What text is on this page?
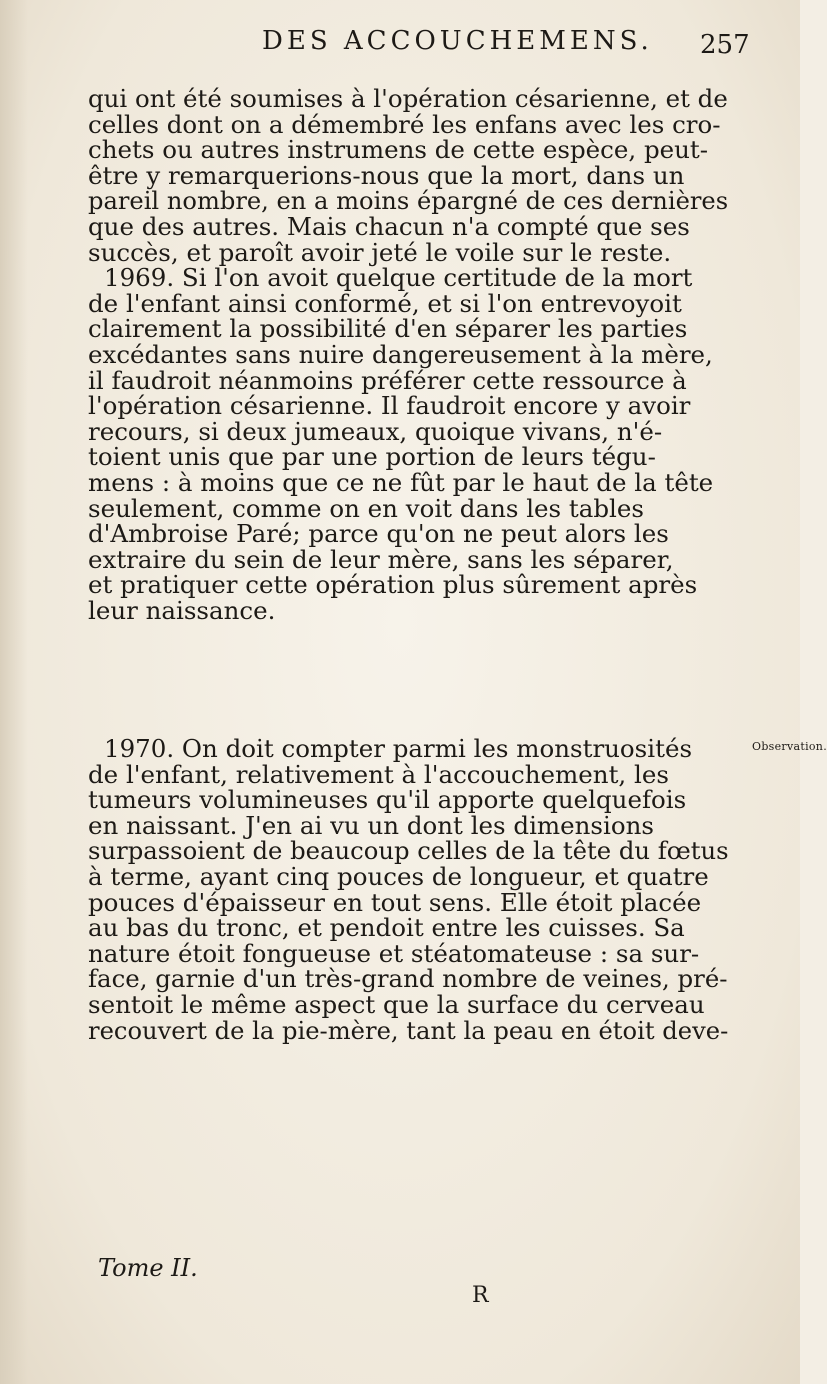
DES ACCOUCHEMENS. 257
qui ont été soumises à l'opération césarienne, et de
celles dont on a démembré les enfans avec les cro-
chets ou autres instrumens de cette espèce, peut-
être y remarquerions-nous que la mort, dans un
pareil nombre, en a moins épargné de ces dernières
que des autres. Mais chacun n'a compté que ses
succès, et paroît avoir jeté le voile sur le reste.
1969. Si l'on avoit quelque certitude de la mort
de l'enfant ainsi conformé, et si l'on entrevoyoit
clairement la possibilité d'en séparer les parties
excédantes sans nuire dangereusement à la mère,
il faudroit néanmoins préférer cette ressource à
l'opération césarienne. Il faudroit encore y avoir
recours, si deux jumeaux, quoique vivans, n'é-
toient unis que par une portion de leurs tégu-
mens : à moins que ce ne fût par le haut de la tête
seulement, comme on en voit dans les tables
d'Ambroise Paré; parce qu'on ne peut alors les
extraire du sein de leur mère, sans les séparer,
et pratiquer cette opération plus sûrement après
leur naissance.
1970. On doit compter parmi les monstruosités
de l'enfant, relativement à l'accouchement, les
tumeurs volumineuses qu'il apporte quelquefois
en naissant. J'en ai vu un dont les dimensions
surpassoient de beaucoup celles de la tête du fœtus
à terme, ayant cinq pouces de longueur, et quatre
pouces d'épaisseur en tout sens. Elle étoit placée
au bas du tronc, et pendoit entre les cuisses. Sa
nature étoit fongueuse et stéatomateuse : sa sur-
face, garnie d'un très-grand nombre de veines, pré-
sentoit le même aspect que la surface du cerveau
recouvert de la pie-mère, tant la peau en étoit deve-
Observation.
Tome II.
R
